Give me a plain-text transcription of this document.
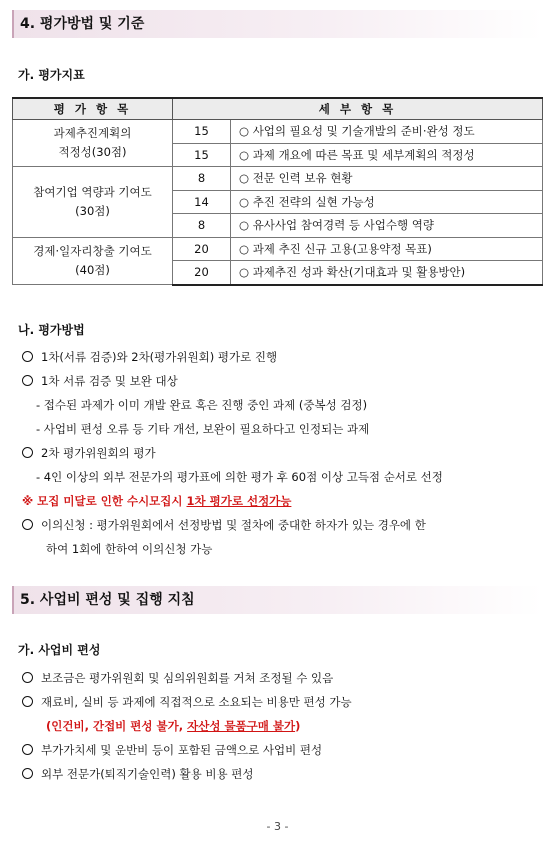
4. 평가방법 및 기준
가. 평가지표
평 가 항 목	세 부 항 목	
과제추진계획의
적정성(30점)	15	○ 사업의 필요성 및 기술개발의 준비·완성 정도
	15	○ 과제 개요에 따른 목표 및 세부계획의 적정성
참여기업 역량과 기여도
(30점)	8	○ 전문 인력 보유 현황
	14	○ 추진 전략의 실현 가능성
	8	○ 유사사업 참여경력 등 사업수행 역량
경제·일자리창출 기여도
(40점)	20	○ 과제 추진 신규 고용(고용약정 목표)
	20	○ 과제추진 성과 확산(기대효과 및 활용방안)
나. 평가방법
1차(서류 검증)와 2차(평가위원회) 평가로 진행
1차 서류 검증 및 보완 대상
- 접수된 과제가 이미 개발 완료 혹은 진행 중인 과제 (중복성 검정)
- 사업비 편성 오류 등 기타 개선, 보완이 필요하다고 인정되는 과제
2차 평가위원회의 평가
- 4인 이상의 외부 전문가의 평가표에 의한 평가 후 60점 이상 고득점 순서로 선정
※ 모집 미달로 인한 수시모집시 1차 평가로 선정가능
이의신청 : 평가위원회에서 선정방법 및 절차에 중대한 하자가 있는 경우에 한
하여 1회에 한하여 이의신청 가능
5. 사업비 편성 및 집행 지침
가. 사업비 편성
보조금은 평가위원회 및 심의위원회를 거쳐 조정될 수 있음
재료비, 실비 등 과제에 직접적으로 소요되는 비용만 편성 가능
(인건비, 간접비 편성 불가, 자산성 물품구매 불가)
부가가치세 및 운반비 등이 포함된 금액으로 사업비 편성
외부 전문가(퇴직기술인력) 활용 비용 편성
- 3 -
